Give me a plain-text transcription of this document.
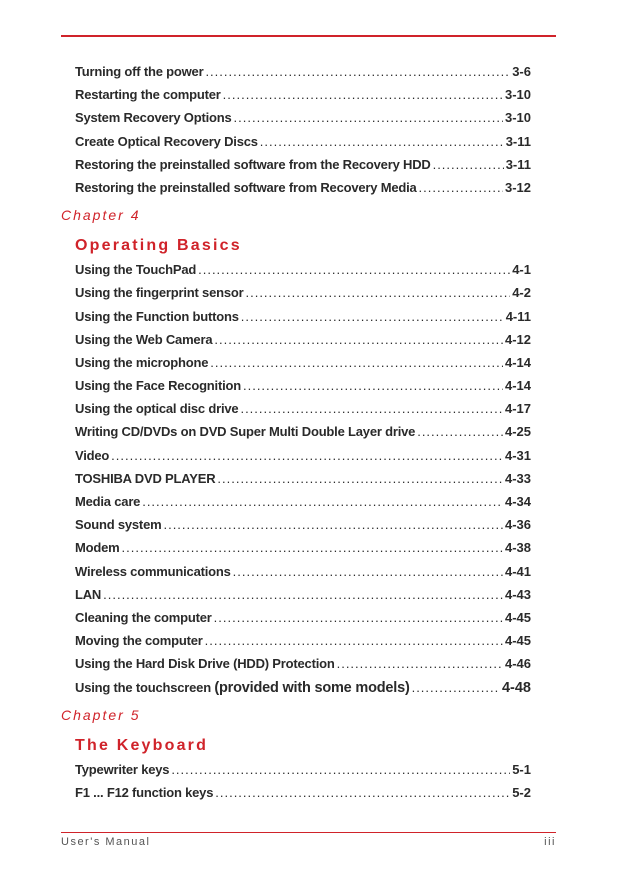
Turning off the power .....	3-6
Restarting the computer .....	3-10
System Recovery Options .....	3-10
Create Optical Recovery Discs .....	3-11
Restoring the preinstalled software from the Recovery HDD .....	3-11
Restoring the preinstalled software from Recovery Media .....	3-12
Chapter 4
Operating Basics
Using the TouchPad .....	4-1
Using the fingerprint sensor .....	4-2
Using the Function buttons .....	4-11
Using the Web Camera .....	4-12
Using the microphone .....	4-14
Using the Face Recognition .....	4-14
Using the optical disc drive .....	4-17
Writing CD/DVDs on DVD Super Multi Double Layer drive .....	4-25
Video .....	4-31
TOSHIBA DVD PLAYER .....	4-33
Media care .....	4-34
Sound system .....	4-36
Modem .....	4-38
Wireless communications .....	4-41
LAN .....	4-43
Cleaning the computer .....	4-45
Moving the computer .....	4-45
Using the Hard Disk Drive (HDD) Protection .....	4-46
Using the touchscreen (provided with some models) .....	4-48
Chapter 5
The Keyboard
Typewriter keys .....	5-1
F1 ... F12 function keys .....	5-2
User's Manual	iii
